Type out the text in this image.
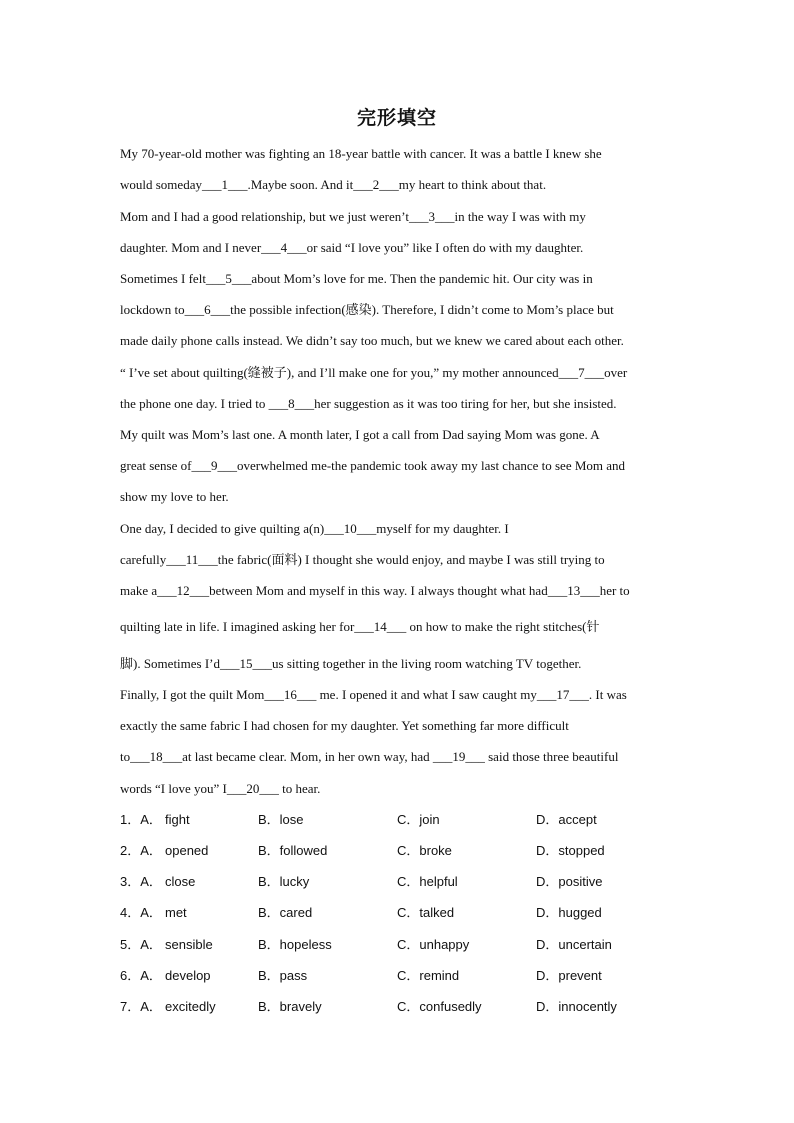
完形填空
My 70-year-old mother was fighting an 18-year battle with cancer. It was a battle I knew she
would someday___1___.Maybe soon. And it___2___my heart to think about that.
Mom and I had a good relationship, but we just weren’t___3___in the way I was with my
daughter. Mom and I never___4___or said “I love you” like I often do with my daughter.
Sometimes I felt___5___about Mom’s love for me. Then the pandemic hit. Our city was in
lockdown to___6___the possible infection(感染). Therefore, I didn’t come to Mom’s place but
made daily phone calls instead. We didn’t say too much, but we knew we cared about each other.
“ I’ve set about quilting(缝被子), and I’ll make one for you,” my mother announced___7___over
the phone one day. I tried to ___8___her suggestion as it was too tiring for her, but she insisted.
My quilt was Mom’s last one. A month later, I got a call from Dad saying Mom was gone. A
great sense of___9___overwhelmed me-the pandemic took away my last chance to see Mom and
show my love to her.
One day, I decided to give quilting a(n)___10___myself for my daughter. I
carefully___11___the fabric(面料) I thought she would enjoy, and maybe I was still trying to
make a___12___between Mom and myself in this way. I always thought what had___13___her to
quilting late in life. I imagined asking her for___14___ on how to make the right stitches(针
脚). Sometimes I’d___15___us sitting together in the living room watching TV together.
Finally, I got the quilt Mom___16___ me. I opened it and what I saw caught my___17___. It was
exactly the same fabric I had chosen for my daughter. Yet something far more difficult
to___18___at last became clear. Mom, in her own way, had ___19___ said those three beautiful
words “I love you” I___20___ to hear.
1．A． fight	B．lose	C．join	D．accept
2．A． opened	B．followed	C．broke	D．stopped
3．A． close	B．lucky	C．helpful	D．positive
4．A． met	B．cared	C．talked	D．hugged
5．A． sensible	B．hopeless	C．unhappy	D．uncertain
6．A． develop	B．pass	C．remind	D．prevent
7．A． excitedly	B．bravely	C．confusedly	D．innocently
